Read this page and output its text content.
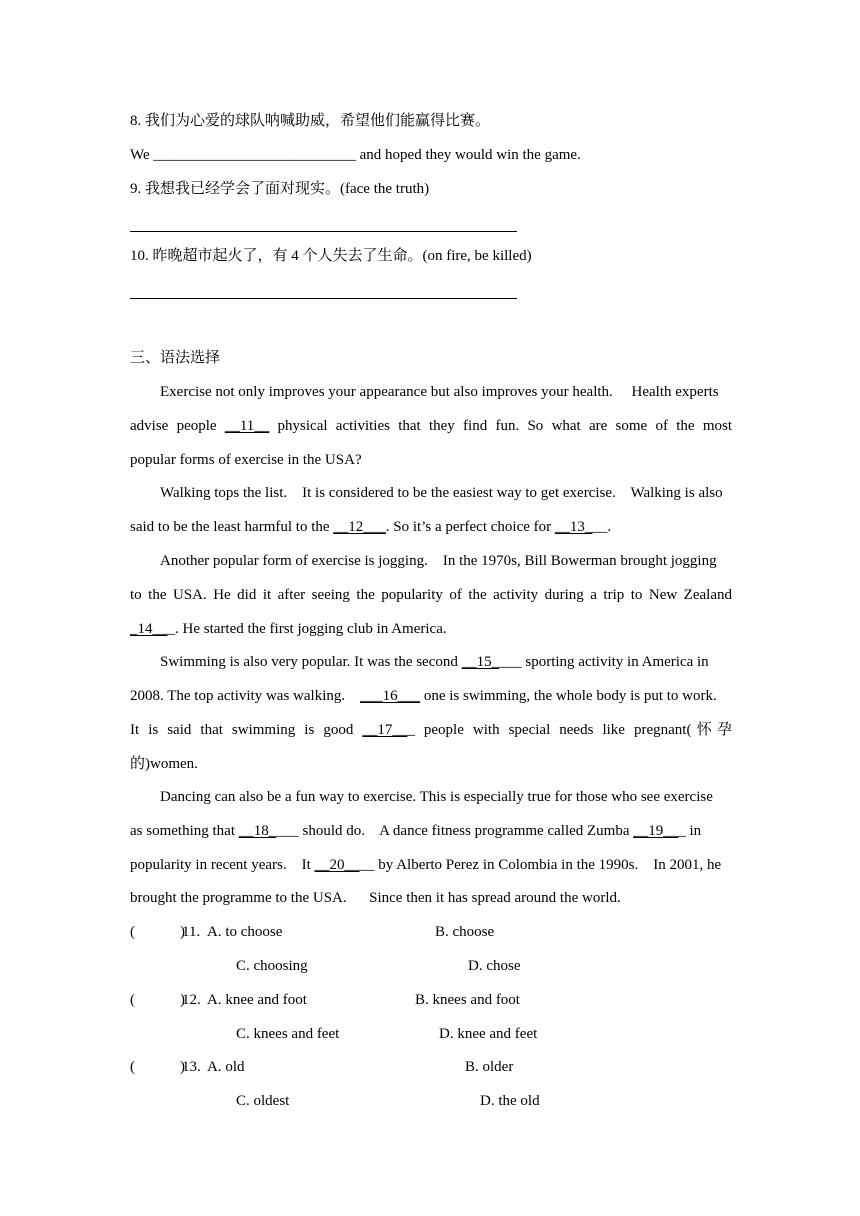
8. 我们为心爱的球队呐喊助威，希望他们能赢得比赛。
We ___________________________ and hoped they would win the game.
9. 我想我已经学会了面对现实。(face the truth)
10. 昨晚超市起火了，有 4 个人失去了生命。(on fire, be killed)
三、语法选择
Exercise not only improves your appearance but also improves your health.     Health experts
advise people __11__ physical activities that they find fun. So what are some of the most
popular forms of exercise in the USA?
Walking tops the list.    It is considered to be the easiest way to get exercise.    Walking is also
said to be the least harmful to the __12___. So it’s a perfect choice for __13___.
Another popular form of exercise is jogging.    In the 1970s, Bill Bowerman brought jogging
to the USA. He did it after seeing the popularity of the activity during a trip to New Zealand
_14___. He started the first jogging club in America.
Swimming is also very popular. It was the second __15____ sporting activity in America in
2008. The top activity was walking.    ___16___ one is swimming, the whole body is put to work.
It is said that swimming is good __17___ people with special needs like pregnant(怀孕
的)women.
Dancing can also be a fun way to exercise. This is especially true for those who see exercise
as something that __18____ should do.    A dance fitness programme called Zumba __19___ in
popularity in recent years.    It __20____ by Alberto Perez in Colombia in the 1990s.    In 2001, he
brought the programme to the USA.      Since then it has spread around the world.
(            )
11. A. to choose	B. choose
C. choosing	D. chose
(            )
12. A. knee and foot	B. knees and foot
C. knees and feet	D. knee and feet
(            )
13. A. old	B. older
C. oldest	D. the old
